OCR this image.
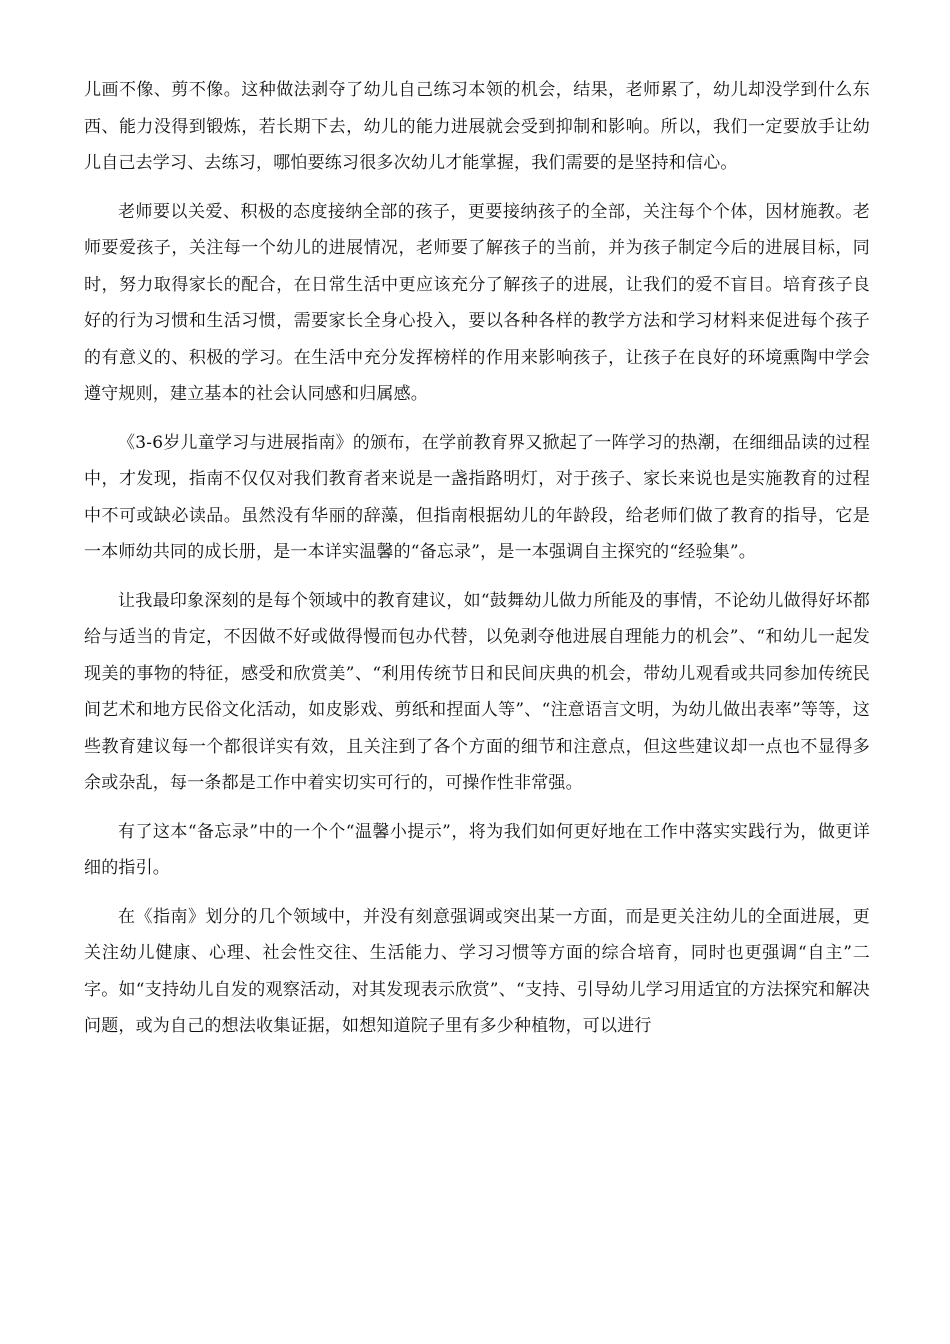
儿画不像、剪不像。这种做法剥夺了幼儿自己练习本领的机会，结果，老师累了，幼儿却没学到什么东西、能力没得到锻炼，若长期下去，幼儿的能力进展就会受到抑制和影响。所以，我们一定要放手让幼儿自己去学习、去练习，哪怕要练习很多次幼儿才能掌握，我们需要的是坚持和信心。

老师要以关爱、积极的态度接纳全部的孩子，更要接纳孩子的全部，关注每个个体，因材施教。老师要爱孩子，关注每一个幼儿的进展情况，老师要了解孩子的当前，并为孩子制定今后的进展目标，同时，努力取得家长的配合，在日常生活中更应该充分了解孩子的进展，让我们的爱不盲目。培育孩子良好的行为习惯和生活习惯，需要家长全身心投入，要以各种各样的教学方法和学习材料来促进每个孩子的有意义的、积极的学习。在生活中充分发挥榜样的作用来影响孩子，让孩子在良好的环境熏陶中学会遵守规则，建立基本的社会认同感和归属感。

《3-6岁儿童学习与进展指南》的颁布，在学前教育界又掀起了一阵学习的热潮，在细细品读的过程中，才发现，指南不仅仅对我们教育者来说是一盏指路明灯，对于孩子、家长来说也是实施教育的过程中不可或缺必读品。虽然没有华丽的辞藻，但指南根据幼儿的年龄段，给老师们做了教育的指导，它是一本师幼共同的成长册，是一本详实温馨的“备忘录”，是一本强调自主探究的“经验集”。

让我最印象深刻的是每个领域中的教育建议，如“鼓舞幼儿做力所能及的事情，不论幼儿做得好坏都给与适当的肯定，不因做不好或做得慢而包办代替，以免剥夺他进展自理能力的机会”、“和幼儿一起发现美的事物的特征，感受和欣赏美”、“利用传统节日和民间庆典的机会，带幼儿观看或共同参加传统民间艺术和地方民俗文化活动，如皮影戏、剪纸和捏面人等”、“注意语言文明，为幼儿做出表率”等等，这些教育建议每一个都很详实有效，且关注到了各个方面的细节和注意点，但这些建议却一点也不显得多余或杂乱，每一条都是工作中着实切实可行的，可操作性非常强。

有了这本“备忘录”中的一个个“温馨小提示”，将为我们如何更好地在工作中落实实践行为，做更详细的指引。

在《指南》划分的几个领域中，并没有刻意强调或突出某一方面，而是更关注幼儿的全面进展，更关注幼儿健康、心理、社会性交往、生活能力、学习习惯等方面的综合培育，同时也更强调“自主”二字。如“支持幼儿自发的观察活动，对其发现表示欣赏”、“支持、引导幼儿学习用适宜的方法探究和解决问题，或为自己的想法收集证据，如想知道院子里有多少种植物，可以进行
